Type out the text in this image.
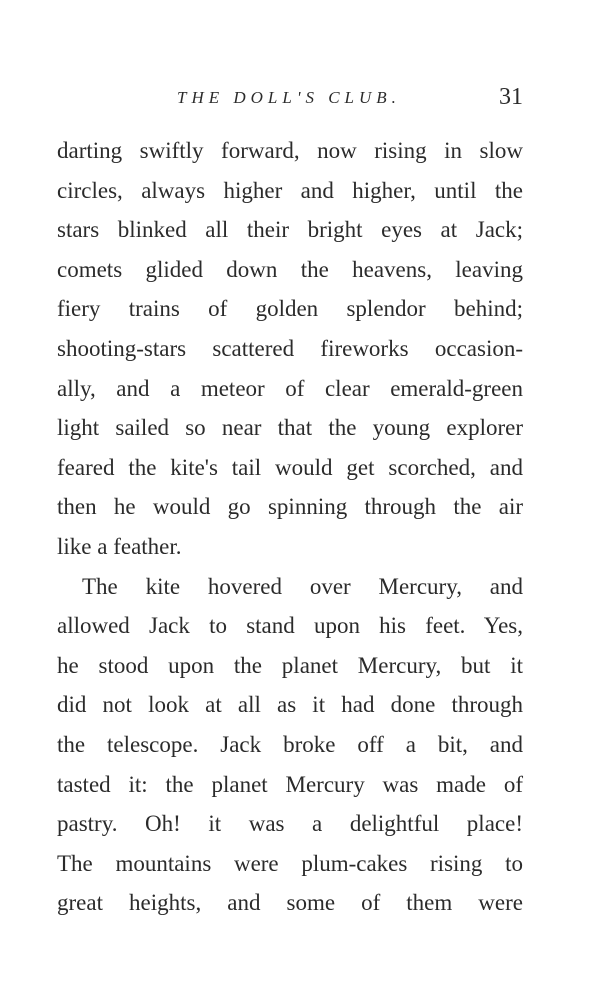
THE DOLL'S CLUB.	31
darting swiftly forward, now rising in slow
circles, always higher and higher, until the
stars blinked all their bright eyes at Jack;
comets glided down the heavens, leaving
fiery trains of golden splendor behind;
shooting-stars scattered fireworks occasion-
ally, and a meteor of clear emerald-green
light sailed so near that the young explorer
feared the kite's tail would get scorched, and
then he would go spinning through the air
like a feather.
The kite hovered over Mercury, and
allowed Jack to stand upon his feet. Yes,
he stood upon the planet Mercury, but it
did not look at all as it had done through
the telescope. Jack broke off a bit, and
tasted it: the planet Mercury was made of
pastry. Oh! it was a delightful place!
The mountains were plum-cakes rising to
great heights, and some of them were
